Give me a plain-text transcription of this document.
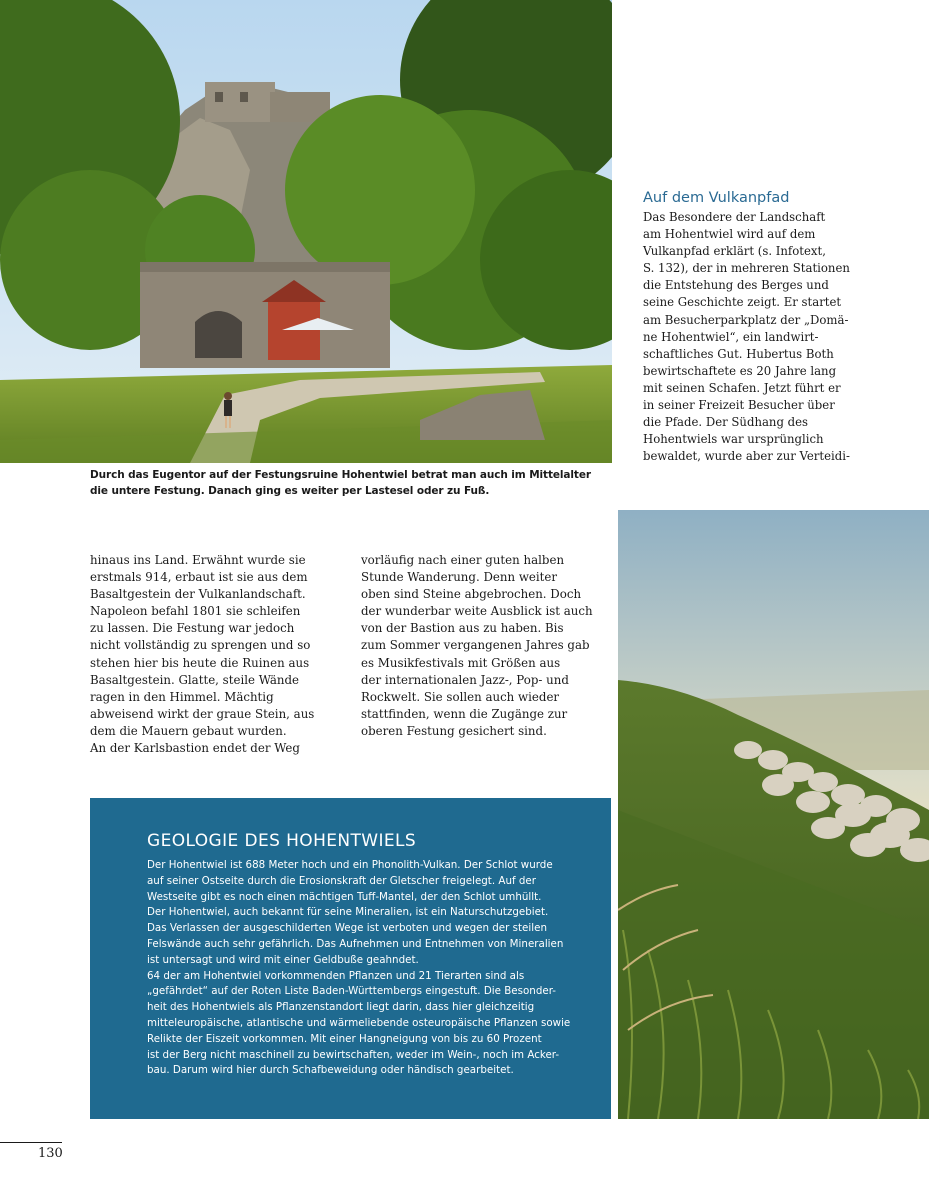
Durch das Eugentor auf der Festungsruine Hohentwiel betrat man auch im Mittelalter
die untere Festung. Danach ging es weiter per Lastesel oder zu Fuß.
Auf dem Vulkanpfad
Das Besondere der Landschaft
am Hohentwiel wird auf dem
Vulkanpfad erklärt (s. Infotext,
S. 132), der in mehreren Stationen
die Entstehung des Berges und
seine Geschichte zeigt. Er startet
am Besucherparkplatz der „Domä-
ne Hohentwiel“, ein landwirt-
schaftliches Gut. Hubertus Both
bewirtschaftete es 20 Jahre lang
mit seinen Schafen. Jetzt führt er
in seiner Freizeit Besucher über
die Pfade. Der Südhang des
Hohentwiels war ursprünglich
bewaldet, wurde aber zur Verteidi-
hinaus ins Land. Erwähnt wurde sie
erstmals 914, erbaut ist sie aus dem
Basaltgestein der Vulkanlandschaft.
Napoleon befahl 1801 sie schleifen
zu lassen. Die Festung war jedoch
nicht vollständig zu sprengen und so
stehen hier bis heute die Ruinen aus
Basaltgestein. Glatte, steile Wände
ragen in den Himmel. Mächtig
abweisend wirkt der graue Stein, aus
dem die Mauern gebaut wurden.
An der Karlsbastion endet der Weg
vorläufig nach einer guten halben
Stunde Wanderung. Denn weiter
oben sind Steine abgebrochen. Doch
der wunderbar weite Ausblick ist auch
von der Bastion aus zu haben. Bis
zum Sommer vergangenen Jahres gab
es Musikfestivals mit Größen aus
der internationalen Jazz-, Pop- und
Rockwelt. Sie sollen auch wieder
stattfinden, wenn die Zugänge zur
oberen Festung gesichert sind.
GEOLOGIE DES HOHENTWIELS
Der Hohentwiel ist 688 Meter hoch und ein Phonolith-Vulkan. Der Schlot wurde
auf seiner Ostseite durch die Erosionskraft der Gletscher freigelegt. Auf der
Westseite gibt es noch einen mächtigen Tuff-Mantel, der den Schlot umhüllt.
Der Hohentwiel, auch bekannt für seine Mineralien, ist ein Naturschutzgebiet.
Das Verlassen der ausgeschilderten Wege ist verboten und wegen der steilen
Felswände auch sehr gefährlich. Das Aufnehmen und Entnehmen von Mineralien
ist untersagt und wird mit einer Geldbuße geahndet.
64 der am Hohentwiel vorkommenden Pflanzen und 21 Tierarten sind als
„gefährdet“ auf der Roten Liste Baden-Württembergs eingestuft. Die Besonder-
heit des Hohentwiels als Pflanzenstandort liegt darin, dass hier gleichzeitig
mitteleuropäische, atlantische und wärmeliebende osteuropäische Pflanzen sowie
Relikte der Eiszeit vorkommen. Mit einer Hangneigung von bis zu 60 Prozent
ist der Berg nicht maschinell zu bewirtschaften, weder im Wein-, noch im Acker-
bau. Darum wird hier durch Schafbeweidung oder händisch gearbeitet.
130
